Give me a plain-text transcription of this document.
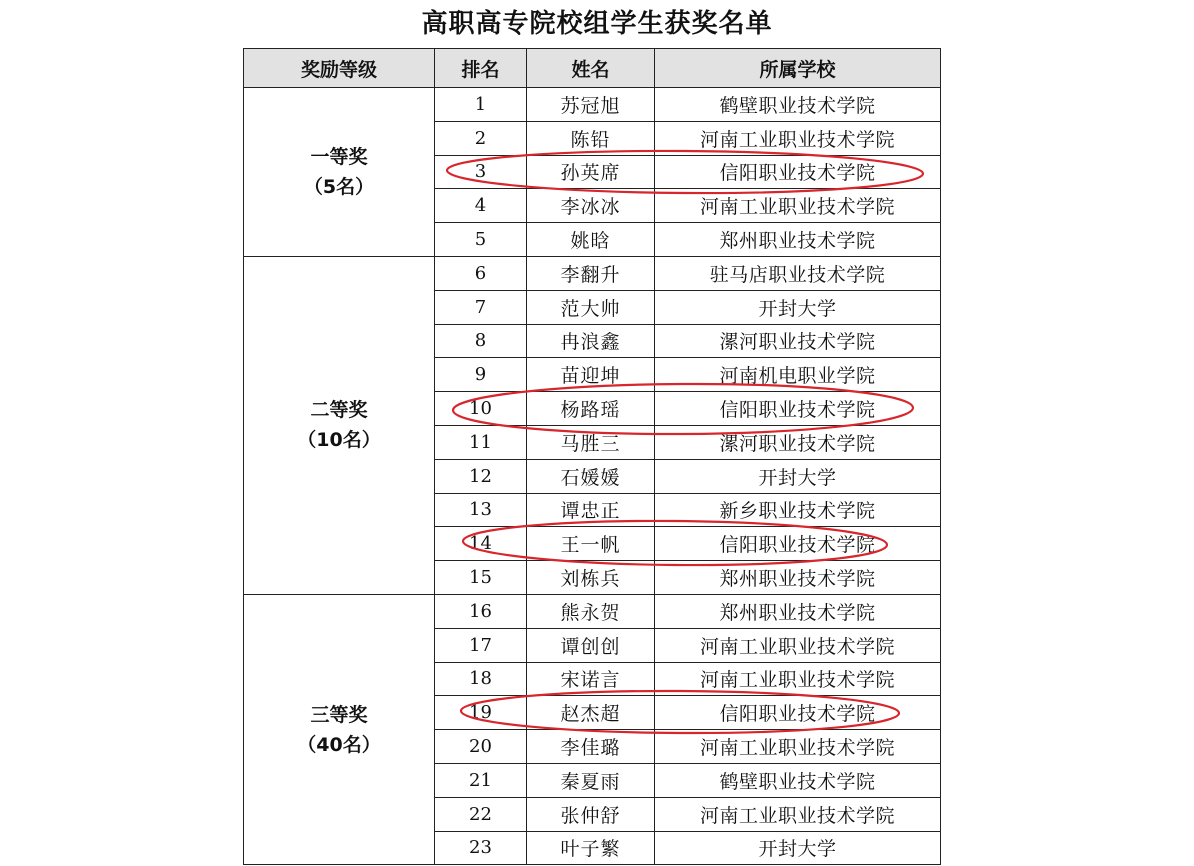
高职高专院校组学生获奖名单
奖励等级	排名	姓名	所属学校

一等奖
（5名）	1	苏冠旭	鹤壁职业技术学院
	2	陈铅	河南工业职业技术学院
	3	孙英席	信阳职业技术学院
	4	李冰冰	河南工业职业技术学院
	5	姚晗	郑州职业技术学院

二等奖
（10名）	6	李翻升	驻马店职业技术学院
	7	范大帅	开封大学
	8	冉浪鑫	漯河职业技术学院
	9	苗迎坤	河南机电职业学院
	10	杨路瑶	信阳职业技术学院
	11	马胜三	漯河职业技术学院
	12	石媛媛	开封大学
	13	谭忠正	新乡职业技术学院
	14	王一帆	信阳职业技术学院
	15	刘栋兵	郑州职业技术学院

三等奖
（40名）	16	熊永贺	郑州职业技术学院
	17	谭创创	河南工业职业技术学院
	18	宋诺言	河南工业职业技术学院
	19	赵杰超	信阳职业技术学院
	20	李佳璐	河南工业职业技术学院
	21	秦夏雨	鹤壁职业技术学院
	22	张仲舒	河南工业职业技术学院
	23	叶子繁	开封大学
